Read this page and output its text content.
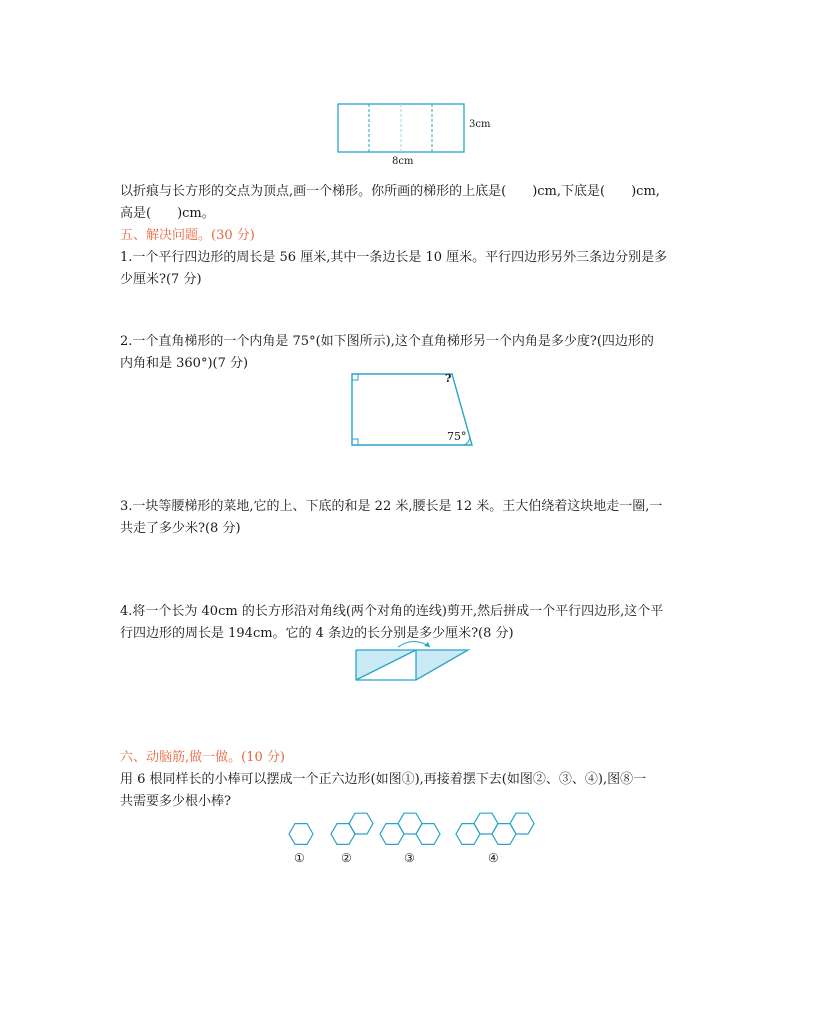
3cm
8cm
以折痕与长方形的交点为顶点,画一个梯形。你所画的梯形的上底是(　　)cm,下底是(　　)cm,
高是(　　)cm。
五、解决问题。(30 分)
1.一个平行四边形的周长是 56 厘米,其中一条边长是 10 厘米。平行四边形另外三条边分别是多
少厘米?(7 分)
2.一个直角梯形的一个内角是 75°(如下图所示),这个直角梯形另一个内角是多少度?(四边形的
内角和是 360°)(7 分)
?
75°
3.一块等腰梯形的菜地,它的上、下底的和是 22 米,腰长是 12 米。王大伯绕着这块地走一圈,一
共走了多少米?(8 分)
4.将一个长为 40cm 的长方形沿对角线(两个对角的连线)剪开,然后拼成一个平行四边形,这个平
行四边形的周长是 194cm。它的 4 条边的长分别是多少厘米?(8 分)
六、动脑筋,做一做。(10 分)
用 6 根同样长的小棒可以摆成一个正六边形(如图①),再接着摆下去(如图②、③、④),图⑧一
共需要多少根小棒?
①	②	③	④
